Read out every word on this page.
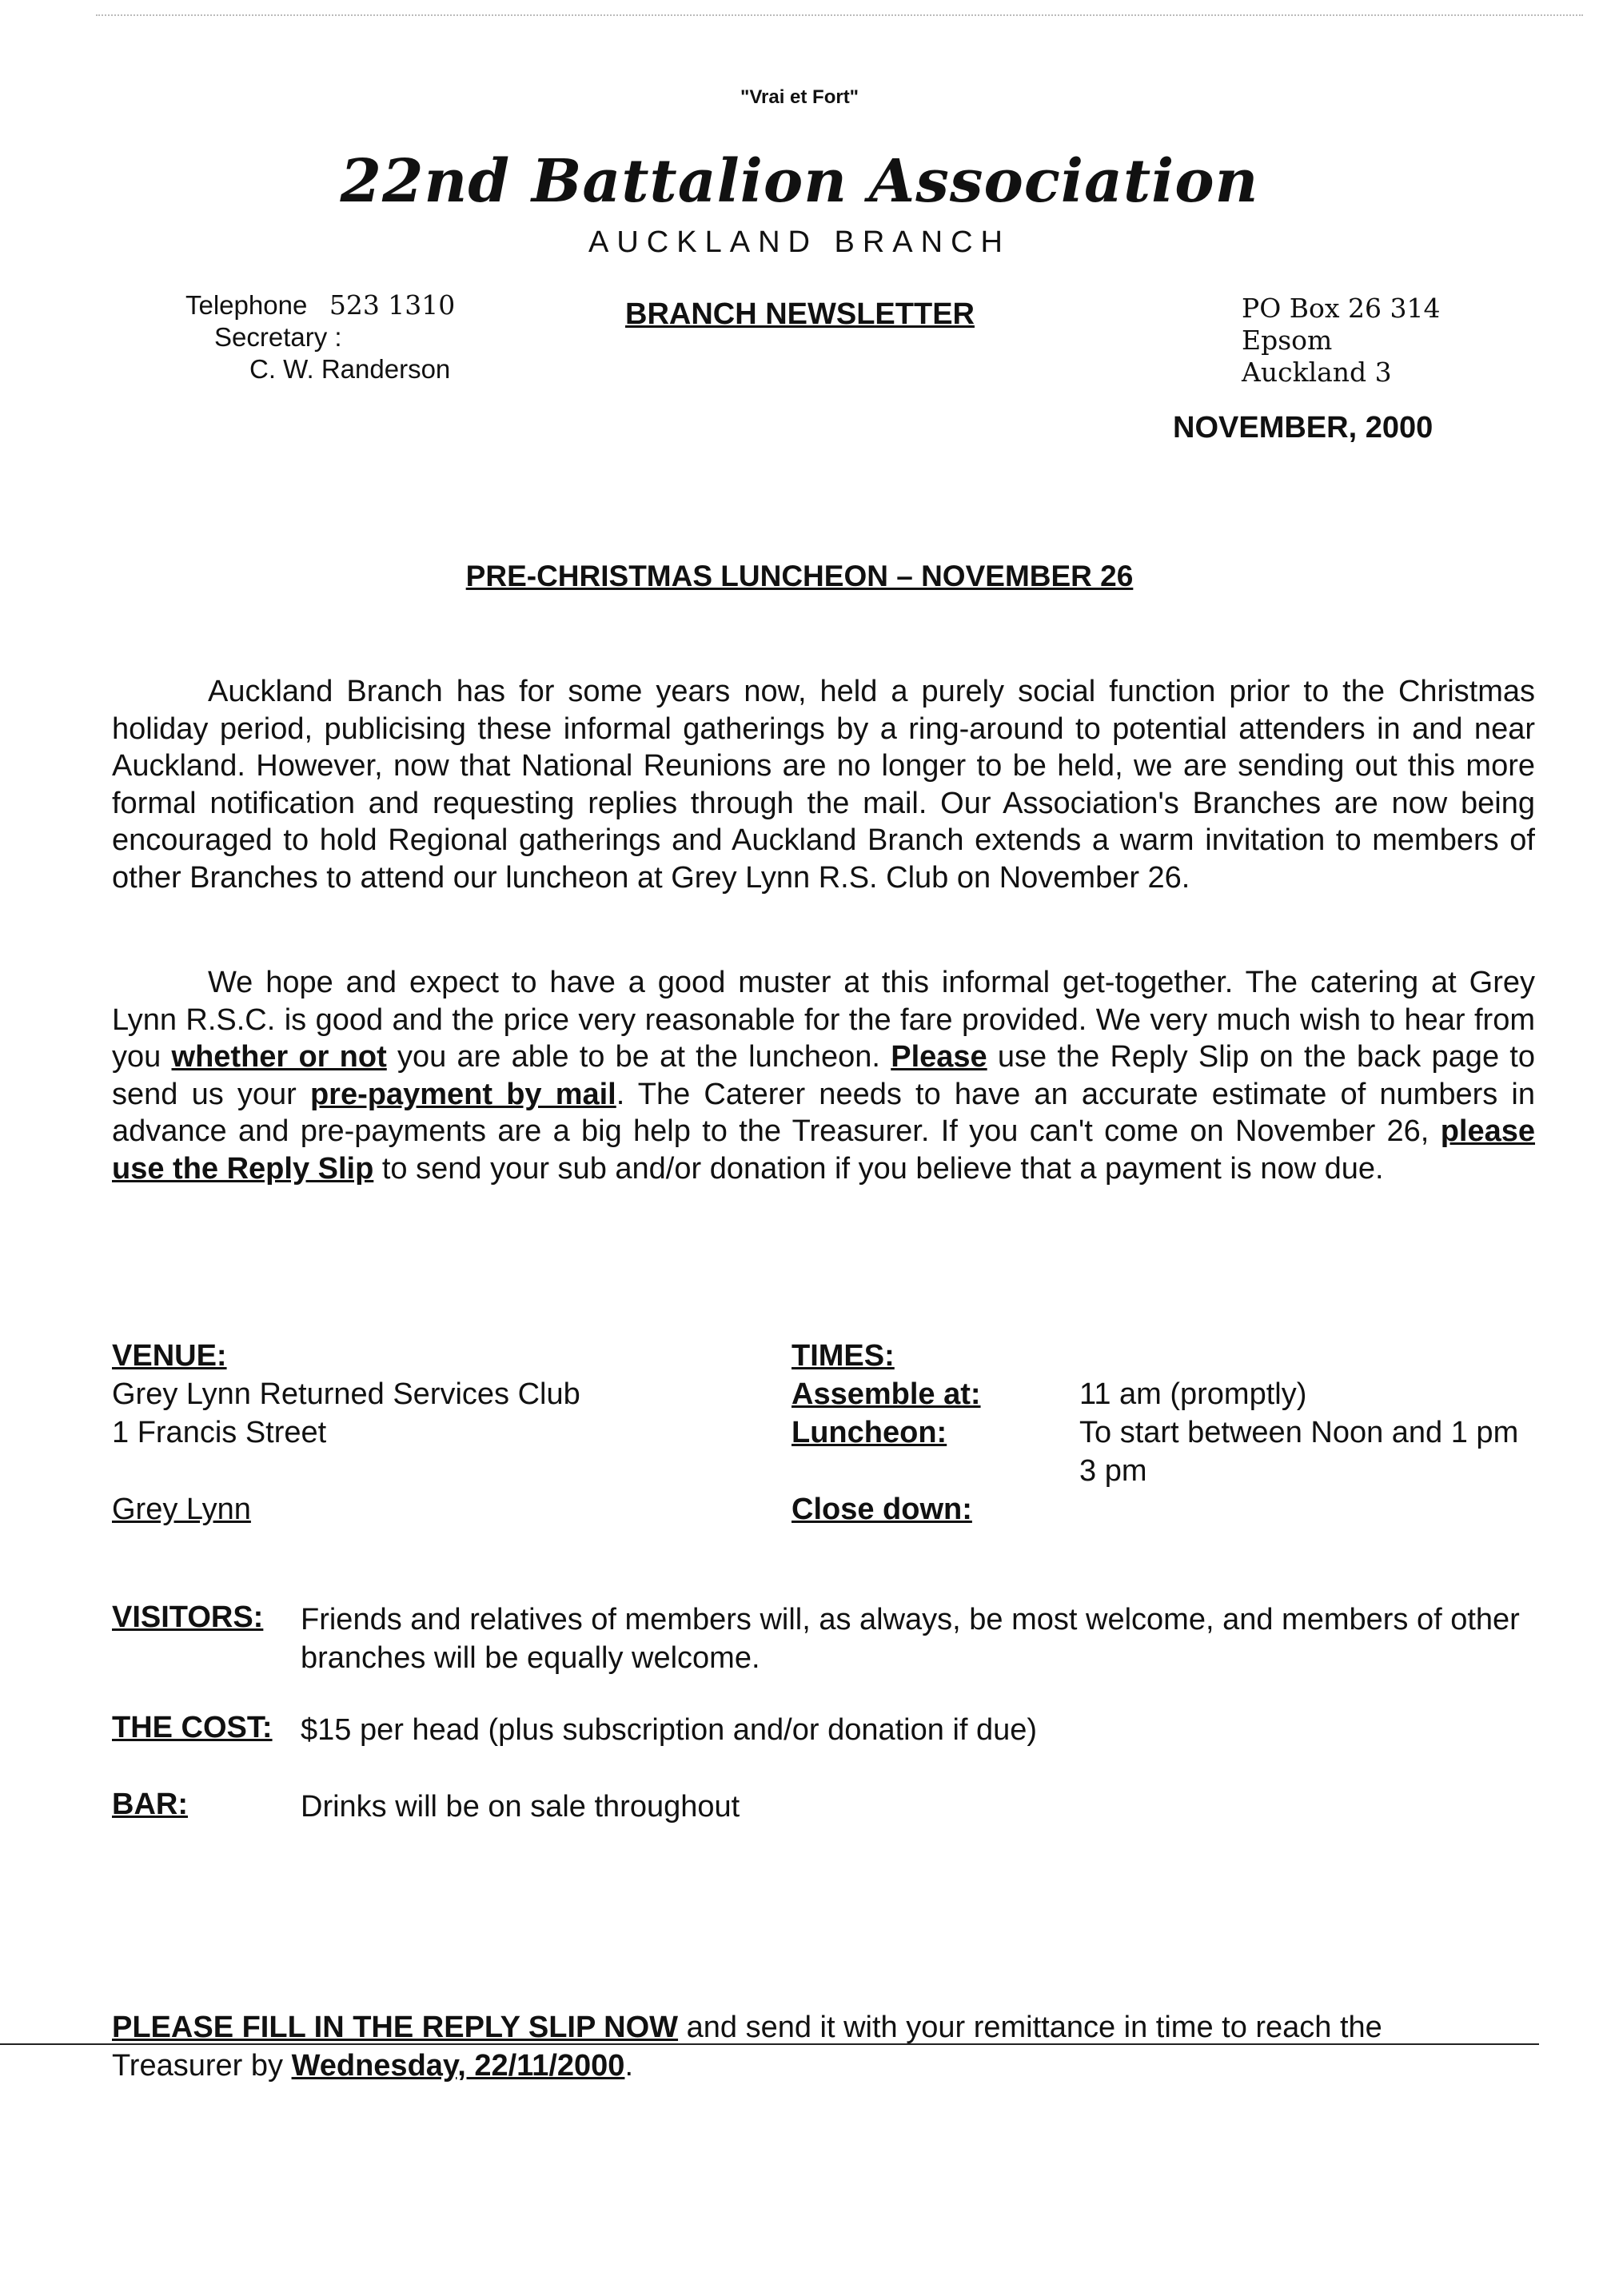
"Vrai et Fort"
22nd Battalion Association
AUCKLAND BRANCH
Telephone 523 1310
Secretary :
C. W. Randerson
BRANCH NEWSLETTER	PO Box 26 314
Epsom
Auckland 3
NOVEMBER, 2000
PRE-CHRISTMAS LUNCHEON – NOVEMBER 26

Auckland Branch has for some years now, held a purely social function prior to the Christmas holiday period, publicising these informal gatherings by a ring-around to potential attenders in and near Auckland. However, now that National Reunions are no longer to be held, we are sending out this more formal notification and requesting replies through the mail. Our Association's Branches are now being encouraged to hold Regional gatherings and Auckland Branch extends a warm invitation to members of other Branches to attend our luncheon at Grey Lynn R.S. Club on November 26.

We hope and expect to have a good muster at this informal get-together. The catering at Grey Lynn R.S.C. is good and the price very reasonable for the fare provided. We very much wish to hear from you whether or not you are able to be at the luncheon. Please use the Reply Slip on the back page to send us your pre-payment by mail. The Caterer needs to have an accurate estimate of numbers in advance and pre-payments are a big help to the Treasurer. If you can't come on November 26, please use the Reply Slip to send your sub and/or donation if you believe that a payment is now due.

VENUE:
Grey Lynn Returned Services Club
1 Francis Street
Grey Lynn
TIMES:
Assemble at:
Luncheon:
Close down:
11 am (promptly)
To start between Noon and 1 pm
3 pm
VISITORS: Friends and relatives of members will, as always, be most welcome, and members of other branches will be equally welcome.
THE COST: $15 per head (plus subscription and/or donation if due)
BAR:	Drinks will be on sale throughout
PLEASE FILL IN THE REPLY SLIP NOW and send it with your remittance in time to reach the
Treasurer by Wednesday, 22/11/2000.
